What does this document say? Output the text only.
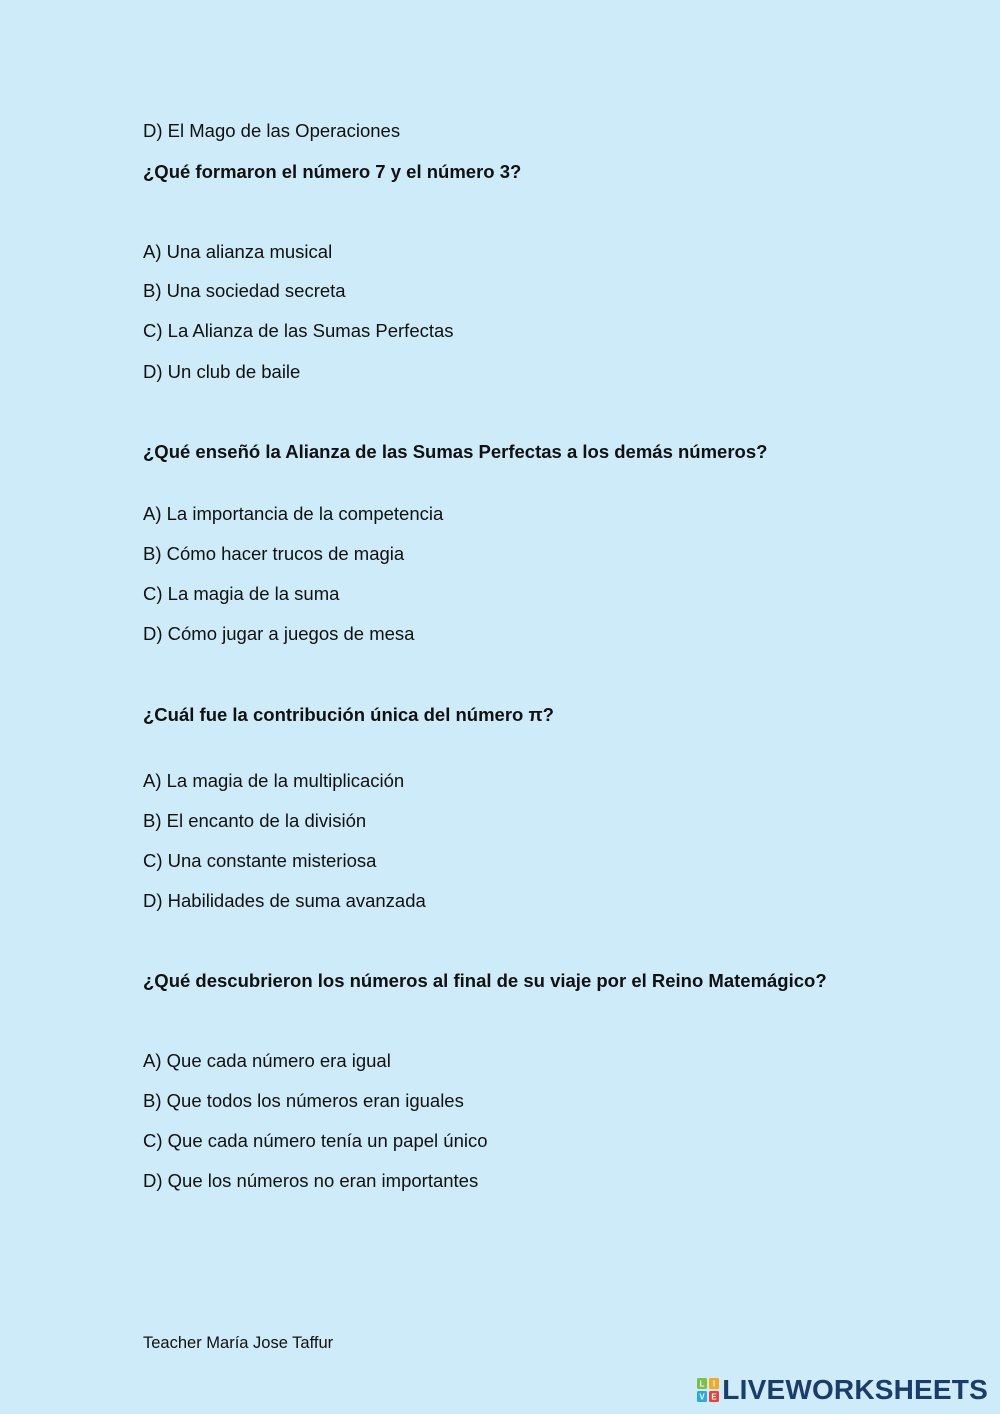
D) El Mago de las Operaciones
¿Qué formaron el número 7 y el número 3?
A) Una alianza musical
B) Una sociedad secreta
C) La Alianza de las Sumas Perfectas
D) Un club de baile
¿Qué enseñó la Alianza de las Sumas Perfectas a los demás números?
A) La importancia de la competencia
B) Cómo hacer trucos de magia
C) La magia de la suma
D) Cómo jugar a juegos de mesa
¿Cuál fue la contribución única del número π?
A) La magia de la multiplicación
B) El encanto de la división
C) Una constante misteriosa
D) Habilidades de suma avanzada
¿Qué descubrieron los números al final de su viaje por el Reino Matemágico?
A) Que cada número era igual
B) Que todos los números eran iguales
C) Que cada número tenía un papel único
D) Que los números no eran importantes
Teacher María Jose Taffur
L I
V E LIVEWORKSHEETS
